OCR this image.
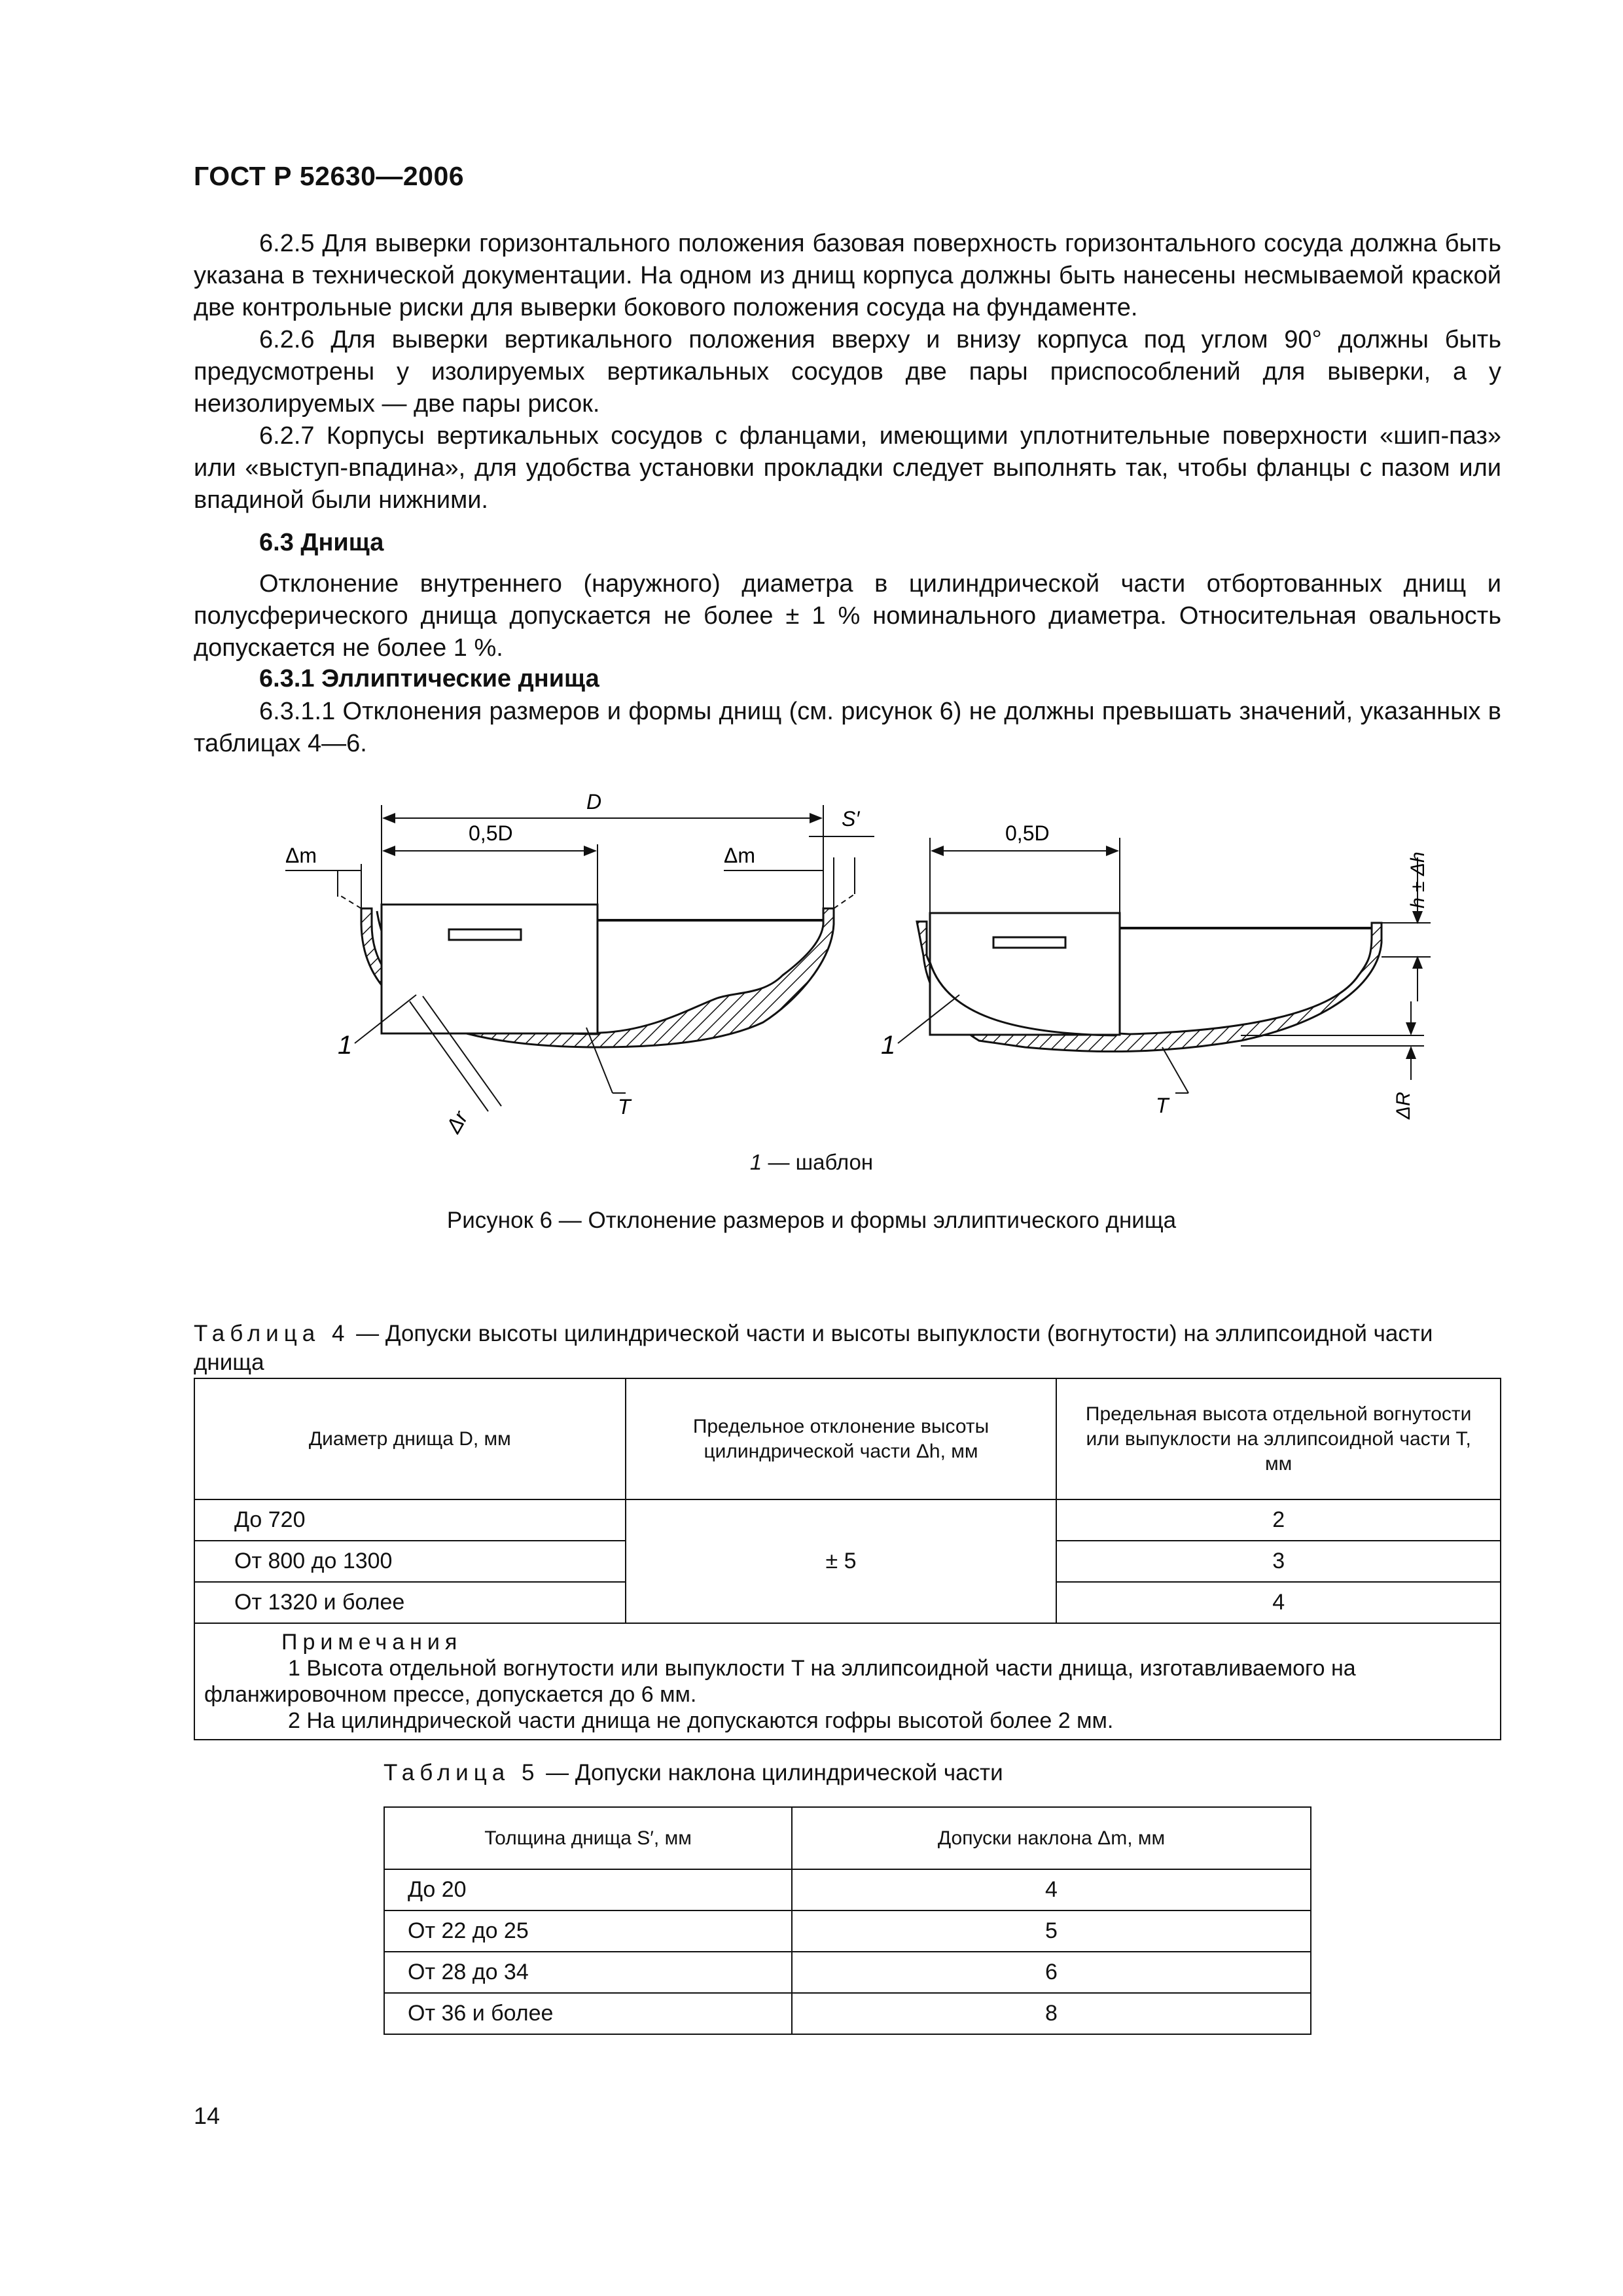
ГОСТ Р 52630—2006

6.2.5 Для выверки горизонтального положения базовая поверхность горизонтального сосуда должна быть указана в технической документации. На одном из днищ корпуса должны быть нанесены несмываемой краской две контрольные риски для выверки бокового положения сосуда на фундаменте.

6.2.6 Для выверки вертикального положения вверху и внизу корпуса под углом 90° должны быть предусмотрены у изолируемых вертикальных сосудов две пары приспособлений для выверки, а у неизолируемых — две пары рисок.

6.2.7 Корпусы вертикальных сосудов с фланцами, имеющими уплотнительные поверхности «шип-паз» или «выступ-впадина», для удобства установки прокладки следует выполнять так, чтобы фланцы с пазом или впадиной были нижними.

6.3 Днища

Отклонение внутреннего (наружного) диаметра в цилиндрической части отбортованных днищ и полусферического днища допускается не более ± 1 % номинального диаметра. Относительная овальность допускается не более 1 %.

6.3.1 Эллиптические днища

6.3.1.1 Отклонения размеров и формы днищ (см. рисунок 6) не должны превышать значений, указанных в таблицах 4—6.

D
0,5D
Δm	Δm
S′
1
Δr
T
0,5D
h ± Δh
ΔR
1
T
1 — шаблон
Рисунок 6 — Отклонение размеров и формы эллиптического днища
Таблица 4 — Допуски высоты цилиндрической части и высоты выпуклости (вогнутости) на эллипсоидной части днища
Диаметр днища D, мм	Предельное отклонение высоты цилиндрической части Δh, мм	Предельная высота отдельной вогнутости или выпуклости на эллипсоидной части T, мм
До 720	± 5	2
От 800 до 1300		3
От 1320 и более		4

Примечания
1 Высота отдельной вогнутости или выпуклости T на эллипсоидной части днища, изготавливаемого на фланжировочном прессе, допускается до 6 мм.
2 На цилиндрической части днища не допускаются гофры высотой более 2 мм.		
Таблица 5 — Допуски наклона цилиндрической части
Толщина днища S′, мм	Допуски наклона Δm, мм
До 20	4
От 22 до 25	5
От 28 до 34	6
От 36 и более	8
14
